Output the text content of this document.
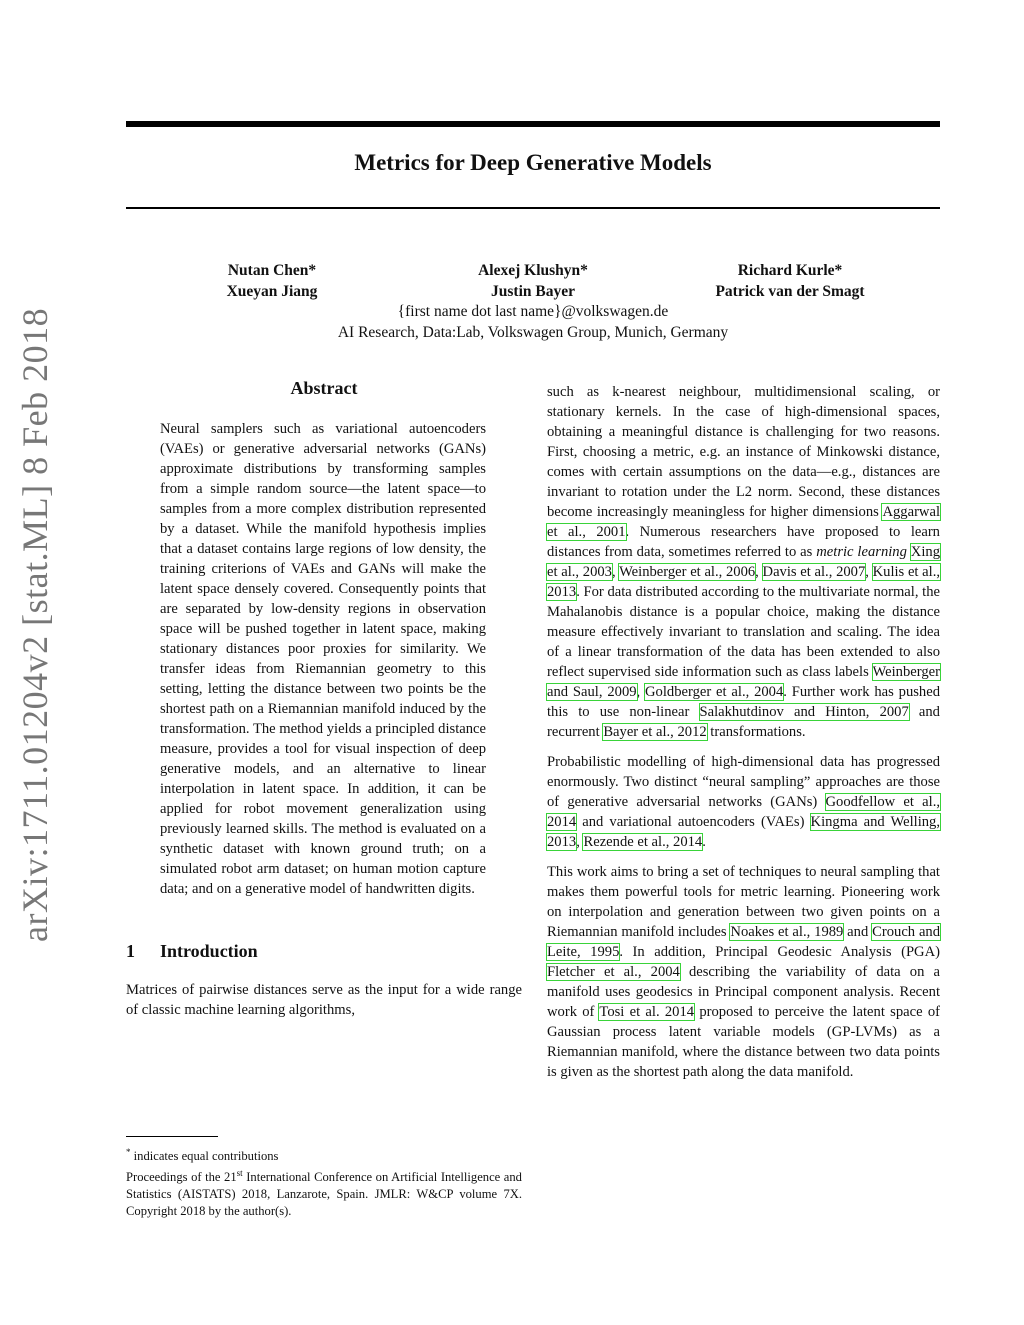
arXiv:1711.01204v2 [stat.ML] 8 Feb 2018
Metrics for Deep Generative Models
Nutan Chen*	Alexej Klushyn*	Richard Kurle*
Xueyan Jiang	Justin Bayer	Patrick van der Smagt
{first name dot last name}@volkswagen.de
AI Research, Data:Lab, Volkswagen Group, Munich, Germany
Abstract
Neural samplers such as variational autoencoders (VAEs) or generative adversarial networks (GANs) approximate distributions by transforming samples from a simple random source—the latent space—to samples from a more complex distribution represented by a dataset. While the manifold hypothesis implies that a dataset contains large regions of low density, the training criterions of VAEs and GANs will make the latent space densely covered. Consequently points that are separated by low-density regions in observation space will be pushed together in latent space, making stationary distances poor proxies for similarity. We transfer ideas from Riemannian geometry to this setting, letting the distance between two points be the shortest path on a Riemannian manifold induced by the transformation. The method yields a principled distance measure, provides a tool for visual inspection of deep generative models, and an alternative to linear interpolation in latent space. In addition, it can be applied for robot movement generalization using previously learned skills. The method is evaluated on a synthetic dataset with known ground truth; on a simulated robot arm dataset; on human motion capture data; and on a generative model of handwritten digits.
1 Introduction
Matrices of pairwise distances serve as the input for a wide range of classic machine learning algorithms,

* indicates equal contributions

Proceedings of the 21st International Conference on Artificial Intelligence and Statistics (AISTATS) 2018, Lanzarote, Spain. JMLR: W&CP volume 7X. Copyright 2018 by the author(s).

such as k-nearest neighbour, multidimensional scaling, or stationary kernels. In the case of high-dimensional spaces, obtaining a meaningful distance is challenging for two reasons. First, choosing a metric, e.g. an instance of Minkowski distance, comes with certain assumptions on the data—e.g., distances are invariant to rotation under the L2 norm. Second, these distances become increasingly meaningless for higher dimensions Aggarwal et al., 2001. Numerous researchers have proposed to learn distances from data, sometimes referred to as metric learning Xing et al., 2003, Weinberger et al., 2006, Davis et al., 2007, Kulis et al., 2013. For data distributed according to the multivariate normal, the Mahalanobis distance is a popular choice, making the distance measure effectively invariant to translation and scaling. The idea of a linear transformation of the data has been extended to also reflect supervised side information such as class labels Weinberger and Saul, 2009, Goldberger et al., 2004. Further work has pushed this to use non-linear Salakhutdinov and Hinton, 2007 and recurrent Bayer et al., 2012 transformations.

Probabilistic modelling of high-dimensional data has progressed enormously. Two distinct “neural sampling” approaches are those of generative adversarial networks (GANs) Goodfellow et al., 2014 and variational autoencoders (VAEs) Kingma and Welling, 2013, Rezende et al., 2014.

This work aims to bring a set of techniques to neural sampling that makes them powerful tools for metric learning. Pioneering work on interpolation and generation between two given points on a Riemannian manifold includes Noakes et al., 1989 and Crouch and Leite, 1995. In addition, Principal Geodesic Analysis (PGA) Fletcher et al., 2004 describing the variability of data on a manifold uses geodesics in Principal component analysis. Recent work of Tosi et al. 2014 proposed to perceive the latent space of Gaussian process latent variable models (GP-LVMs) as a Riemannian manifold, where the distance between two data points is given as the shortest path along the data manifold.
